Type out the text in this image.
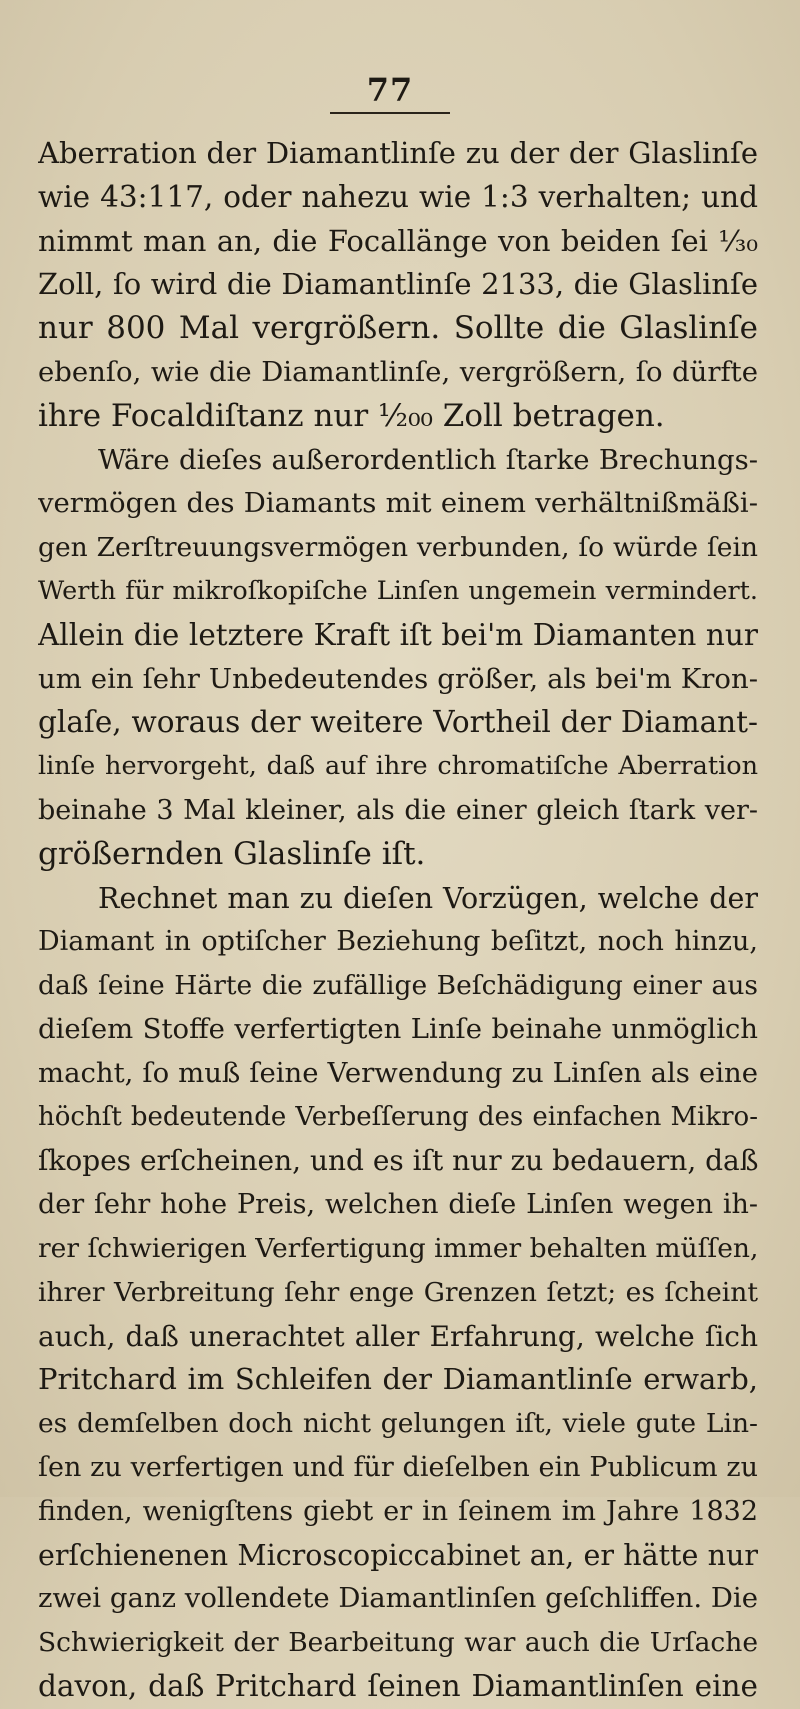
77
Aberration der Diamantlinſe zu der der Glaslinſe
wie 43:117, oder nahezu wie 1:3 verhalten; und
nimmt man an, die Focallänge von beiden ſei ¹⁄₃₀
Zoll, ſo wird die Diamantlinſe 2133, die Glaslinſe
nur 800 Mal vergrößern. Sollte die Glaslinſe
ebenſo, wie die Diamantlinſe, vergrößern, ſo dürfte
ihre Focaldiſtanz nur ¹⁄₂₀₀ Zoll betragen.
Wäre dieſes außerordentlich ſtarke Brechungs-
vermögen des Diamants mit einem verhältnißmäßi-
gen Zerſtreuungsvermögen verbunden, ſo würde ſein
Werth für mikroſkopiſche Linſen ungemein vermindert.
Allein die letztere Kraft iſt bei'm Diamanten nur
um ein ſehr Unbedeutendes größer, als bei'm Kron-
glaſe, woraus der weitere Vortheil der Diamant-
linſe hervorgeht, daß auf ihre chromatiſche Aberration
beinahe 3 Mal kleiner, als die einer gleich ſtark ver-
größernden Glaslinſe iſt.
Rechnet man zu dieſen Vorzügen, welche der
Diamant in optiſcher Beziehung beſitzt, noch hinzu,
daß ſeine Härte die zufällige Beſchädigung einer aus
dieſem Stoffe verfertigten Linſe beinahe unmöglich
macht, ſo muß ſeine Verwendung zu Linſen als eine
höchſt bedeutende Verbeſſerung des einfachen Mikro-
ſkopes erſcheinen, und es iſt nur zu bedauern, daß
der ſehr hohe Preis, welchen dieſe Linſen wegen ih-
rer ſchwierigen Verfertigung immer behalten müſſen,
ihrer Verbreitung ſehr enge Grenzen ſetzt; es ſcheint
auch, daß unerachtet aller Erfahrung, welche ſich
Pritchard im Schleifen der Diamantlinſe erwarb,
es demſelben doch nicht gelungen iſt, viele gute Lin-
ſen zu verfertigen und für dieſelben ein Publicum zu
finden, wenigſtens giebt er in ſeinem im Jahre 1832
erſchienenen Microscopiccabinet an, er hätte nur
zwei ganz vollendete Diamantlinſen geſchliffen. Die
Schwierigkeit der Bearbeitung war auch die Urſache
davon, daß Pritchard ſeinen Diamantlinſen eine
